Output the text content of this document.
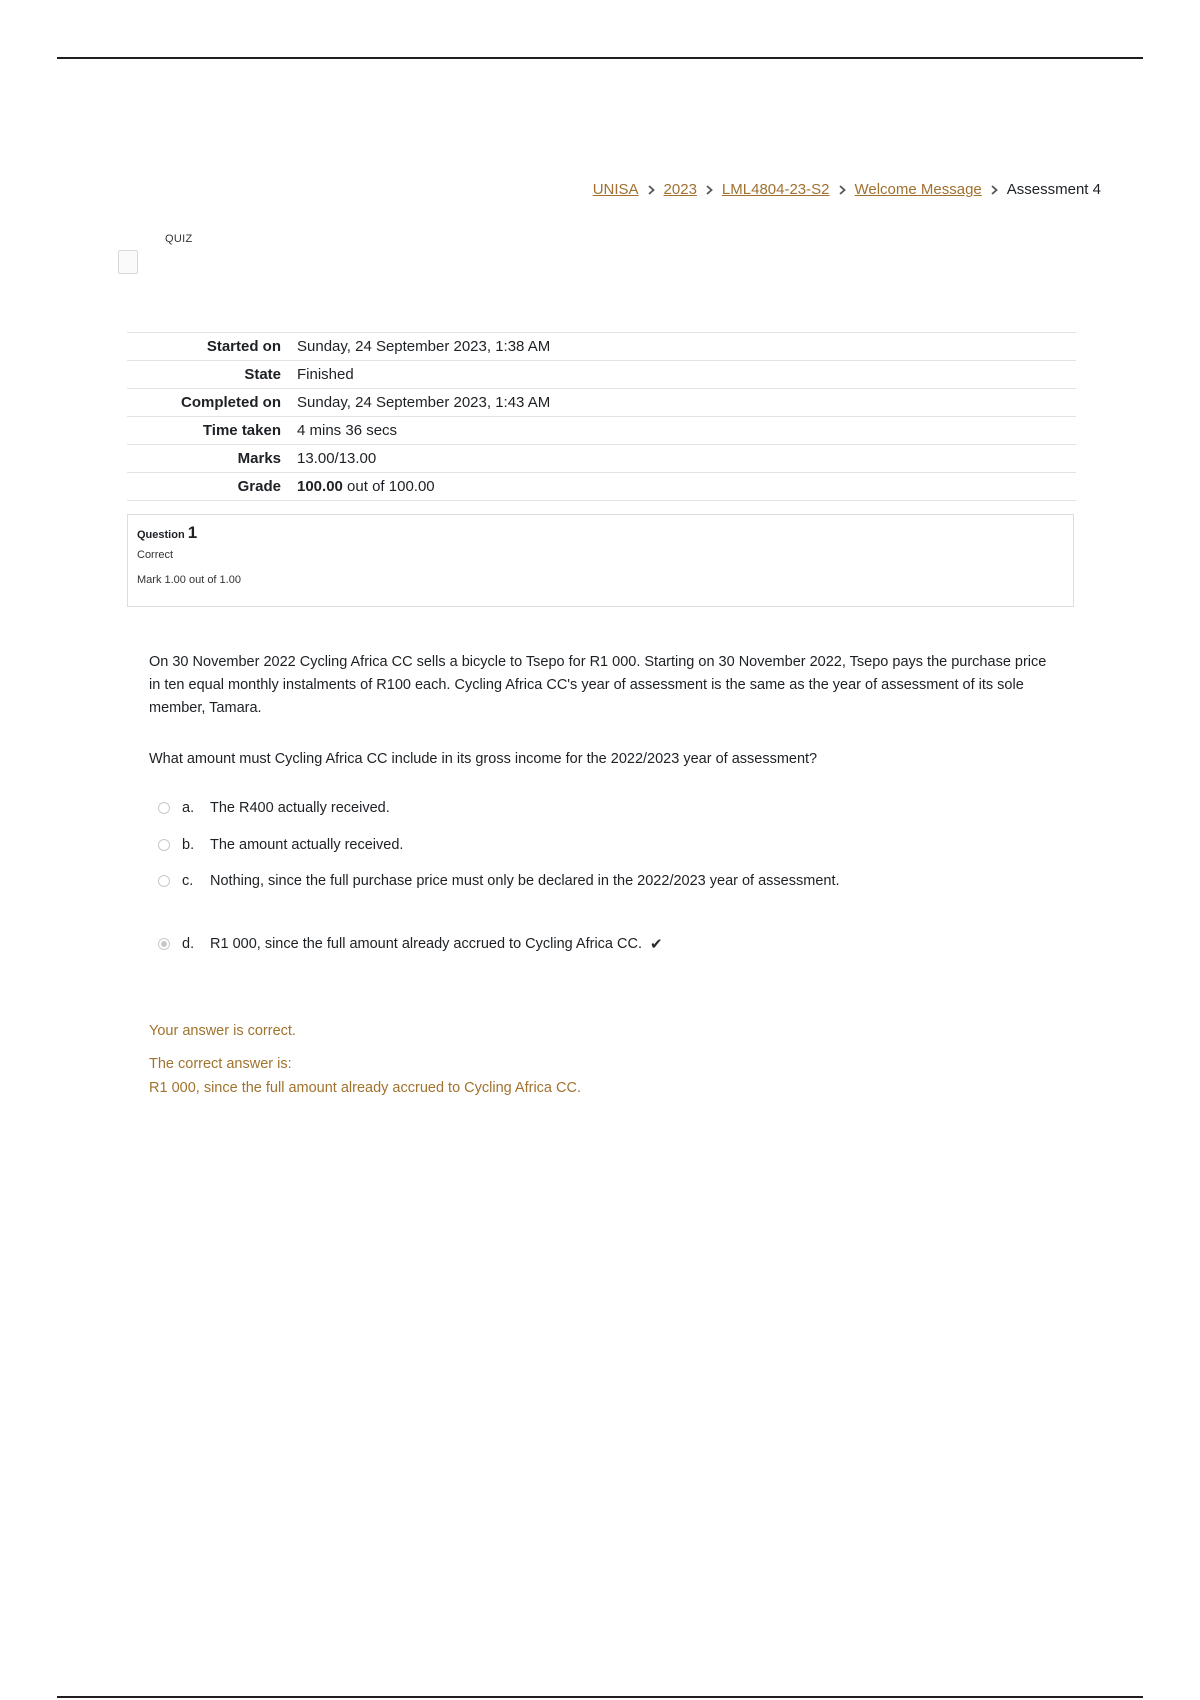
UNISA 2023 LML4804-23-S2 Welcome Message Assessment 4
QUIZ
Started on	Sunday, 24 September 2023, 1:38 AM
State	Finished
Completed on	Sunday, 24 September 2023, 1:43 AM
Time taken	4 mins 36 secs
Marks	13.00/13.00
Grade	100.00 out of 100.00
Question 1
Correct
Mark 1.00 out of 1.00
On 30 November 2022 Cycling Africa CC sells a bicycle to Tsepo for R1 000. Starting on 30 November 2022, Tsepo pays the purchase price in ten equal monthly instalments of R100 each. Cycling Africa CC's year of assessment is the same as the year of assessment of its sole member, Tamara.
What amount must Cycling Africa CC include in its gross income for the 2022/2023 year of assessment?
a.	The R400 actually received.
b.	The amount actually received.
c.	Nothing, since the full purchase price must only be declared in the 2022/2023 year of assessment.
d.	R1 000, since the full amount already accrued to Cycling Africa CC. ✔
Your answer is correct.
The correct answer is:
R1 000, since the full amount already accrued to Cycling Africa CC.
